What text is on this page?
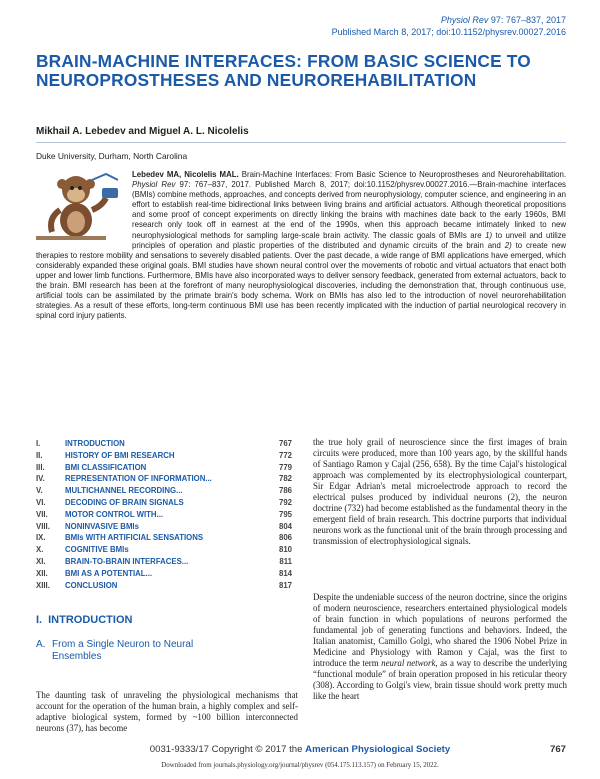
Physiol Rev 97: 767–837, 2017
Published March 8, 2017; doi:10.1152/physrev.00027.2016
BRAIN-MACHINE INTERFACES: FROM BASIC SCIENCE TO NEUROPROSTHESES AND NEUROREHABILITATION
Mikhail A. Lebedev and Miguel A. L. Nicolelis
Duke University, Durham, North Carolina
Lebedev MA, Nicolelis MAL. Brain-Machine Interfaces: From Basic Science to Neuroprostheses and Neurorehabilitation. Physiol Rev 97: 767–837, 2017. Published March 8, 2017; doi:10.1152/physrev.00027.2016.—Brain-machine interfaces (BMIs) combine methods, approaches, and concepts derived from neurophysiology, computer science, and engineering in an effort to establish real-time bidirectional links between living brains and artificial actuators. Although theoretical propositions and some proof of concept experiments on directly linking the brains with machines date back to the early 1960s, BMI research only took off in earnest at the end of the 1990s, when this approach became intimately linked to new neurophysiological methods for sampling large-scale brain activity. The classic goals of BMIs are 1) to unveil and utilize principles of operation and plastic properties of the distributed and dynamic circuits of the brain and 2) to create new therapies to restore mobility and sensations to severely disabled patients. Over the past decade, a wide range of BMI applications have emerged, which considerably expanded these original goals. BMI studies have shown neural control over the movements of robotic and virtual actuators that enact both upper and lower limb functions. Furthermore, BMIs have also incorporated ways to deliver sensory feedback, generated from external actuators, back to the brain. BMI research has been at the forefront of many neurophysiological discoveries, including the demonstration that, through continuous use, artificial tools can be assimilated by the primate brain's body schema. Work on BMIs has also led to the introduction of novel neurorehabilitation strategies. As a result of these efforts, long-term continuous BMI use has been recently implicated with the induction of partial neurological recovery in spinal cord injury patients.
I.	INTRODUCTION	767
II.	HISTORY OF BMI RESEARCH	772
III.	BMI CLASSIFICATION	779
IV.	REPRESENTATION OF INFORMATION...	782
V.	MULTICHANNEL RECORDING...	786
VI.	DECODING OF BRAIN SIGNALS	792
VII.	MOTOR CONTROL WITH...	795
VIII.	NONINVASIVE BMIs	804
IX.	BMIs WITH ARTIFICIAL SENSATIONS	806
X.	COGNITIVE BMIs	810
XI.	BRAIN-TO-BRAIN INTERFACES...	811
XII.	BMI AS A POTENTIAL...	814
XIII.	CONCLUSION	817
I. INTRODUCTION
A. From a Single Neuron to Neural
Ensembles
The daunting task of unraveling the physiological mechanisms that account for the operation of the human brain, a highly complex and self-adaptive biological system, formed by ~100 billion interconnected neurons (37), has become
the true holy grail of neuroscience since the first images of brain circuits were produced, more than 100 years ago, by the skillful hands of Santiago Ramon y Cajal (256, 658). By the time Cajal's histological approach was complemented by its electrophysiological counterpart, Sir Edgar Adrian's metal microelectrode approach to record the electrical pulses produced by individual neurons (2), the neuron doctrine (732) had become established as the fundamental theory in the emergent field of brain research. This doctrine purports that individual neurons work as the functional unit of the brain through processing and transmission of electrophysiological signals.
Despite the undeniable success of the neuron doctrine, since the origins of modern neuroscience, researchers entertained physiological models of brain function in which populations of neurons performed the fundamental job of generating functions and behaviors. Indeed, the Italian anatomist, Camillo Golgi, who shared the 1906 Nobel Prize in Medicine and Physiology with Ramon y Cajal, was the first to introduce the term neural network, as a way to describe the underlying “functional module” of brain operation proposed in his reticular theory (308). According to Golgi's view, brain tissue should work pretty much like the heart
0031-9333/17 Copyright © 2017 the American Physiological Society	767
Downloaded from journals.physiology.org/journal/physrev (054.175.113.157) on February 15, 2022.
